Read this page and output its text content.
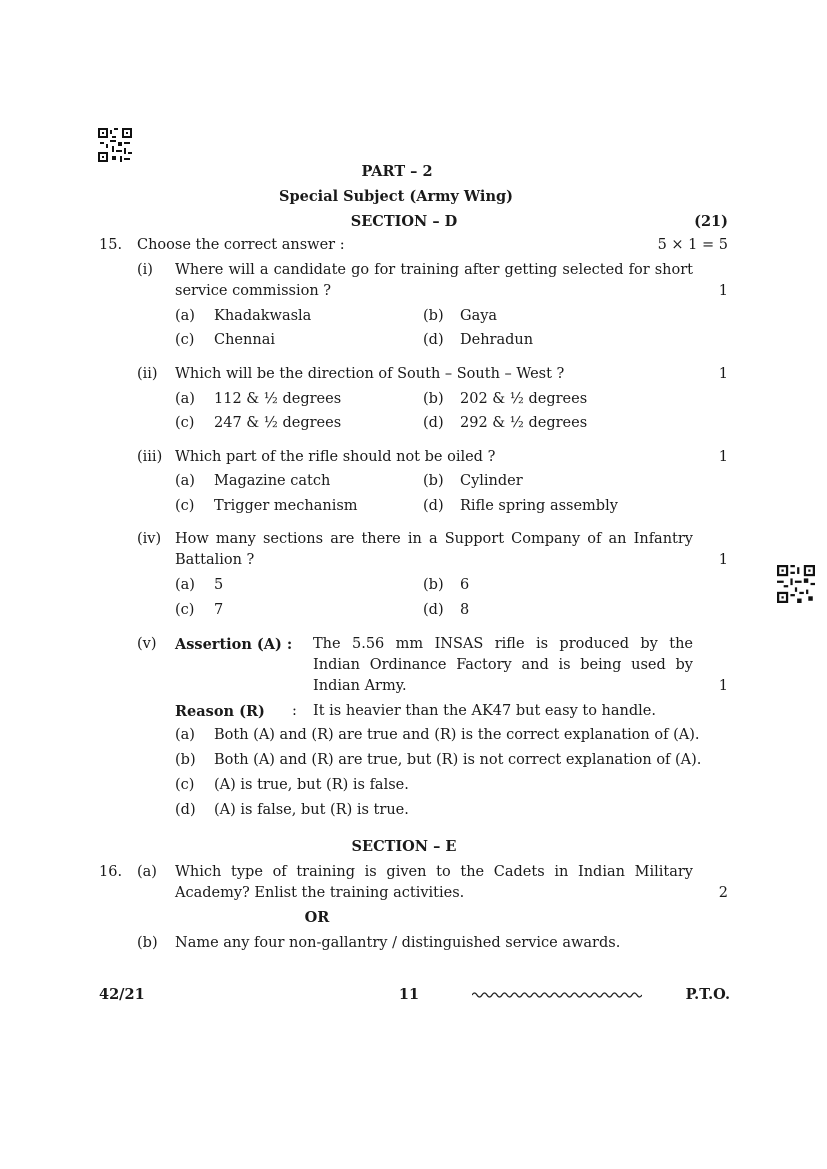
PART – 2
Special Subject (Army Wing)
SECTION – D	(21)
15. Choose the correct answer :	5 × 1 = 5
(i) Where will a candidate go for training after getting selected for short
service commission ?	1
(a) Khadakwasla	(b) Gaya
(c) Chennai	(d) Dehradun
(ii) Which will be the direction of South – South – West ?	1
(a) 112 & ½ degrees	(b) 202 & ½ degrees
(c) 247 & ½ degrees	(d) 292 & ½ degrees
(iii) Which part of the rifle should not be oiled ?	1
(a) Magazine catch	(b) Cylinder
(c) Trigger mechanism	(d) Rifle spring assembly
(iv) How many sections are there in a Support Company of an Infantry
Battalion ?	1
(a) 5	(b) 6
(c) 7	(d) 8
(v) Assertion (A) : The 5.56 mm INSAS rifle is produced by the
Indian Ordinance Factory and is being used by
Indian Army.	1
Reason (R) : It is heavier than the AK47 but easy to handle.
(a) Both (A) and (R) are true and (R) is the correct explanation of (A).
(b) Both (A) and (R) are true, but (R) is not correct explanation of (A).
(c) (A) is true, but (R) is false.
(d) (A) is false, but (R) is true.
SECTION – E
16. (a) Which type of training is given to the Cadets in Indian Military
Academy? Enlist the training activities.	2
OR
(b) Name any four non-gallantry / distinguished service awards.
42/21	11	P.T.O.
